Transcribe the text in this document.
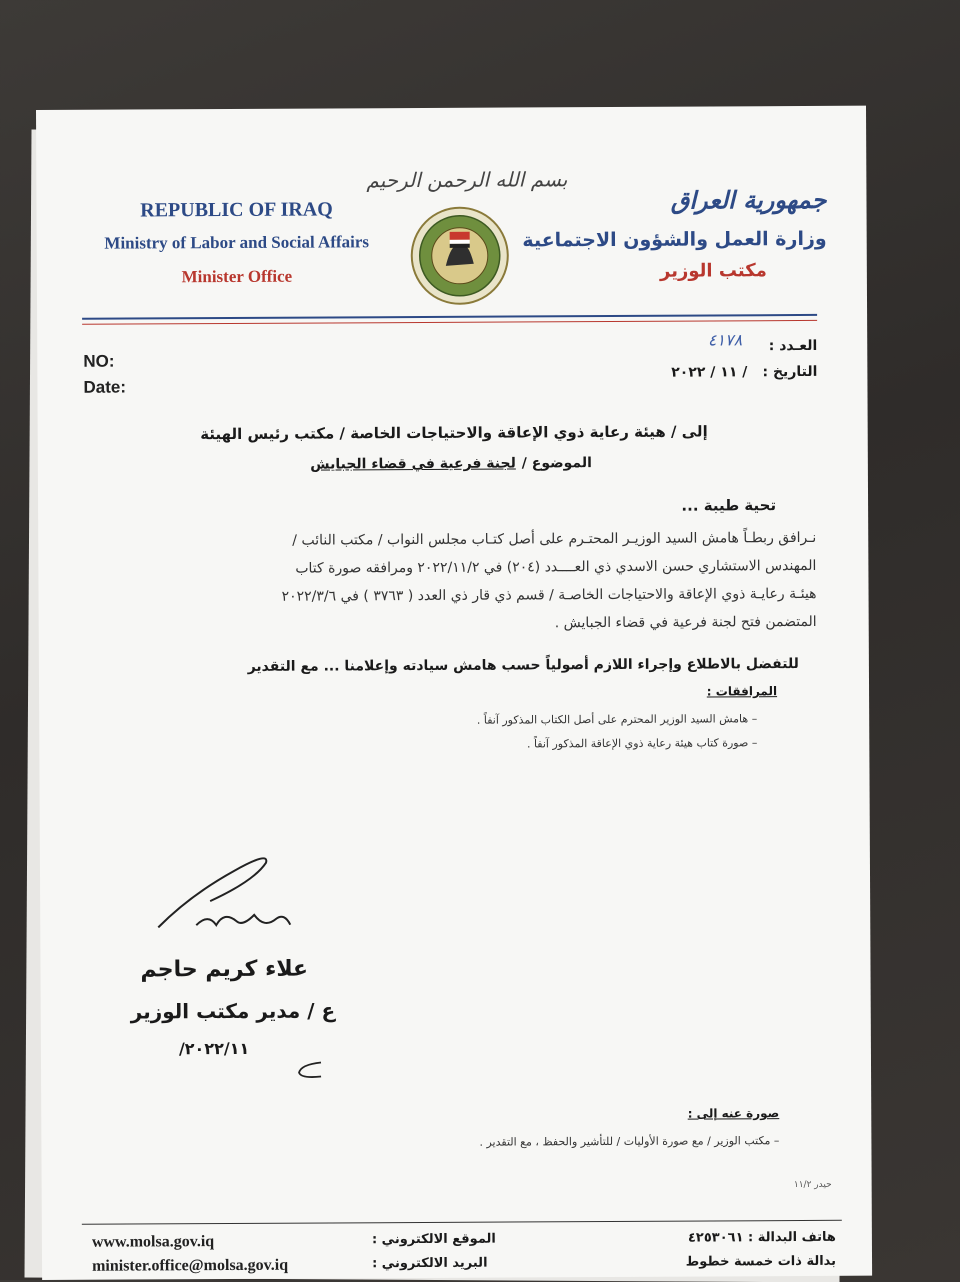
بسم الله الرحمن الرحيم
REPUBLIC OF IRAQ
Ministry of Labor and Social Affairs
Minister Office
جمهورية العراق
وزارة العمل والشؤون الاجتماعية
مكتب الوزير
NO:
Date:
العـدد :
٤١٧٨
التاريخ :
/ ١١ / ٢٠٢٢
إلى / هيئة رعاية ذوي الإعاقة والاحتياجات الخاصة / مكتب رئيس الهيئة
الموضوع /
لجنة فرعية في قضاء الجبايش
تحية طيبة ...
نـرافق ربطـاً هامش السيد الوزيـر المحتـرم على أصل كتـاب مجلس النواب / مكتب النائب /
المهندس الاستشاري حسن الاسدي ذي العــــدد (٢٠٤) في ٢٠٢٢/١١/٢ ومرافقه صورة كتاب
هيئـة رعايـة ذوي الإعاقة والاحتياجات الخاصـة / قسم ذي قار ذي العدد ( ٣٧٦٣ ) في ٢٠٢٢/٣/٦
المتضمن فتح لجنة فرعية في قضاء الجبايش .
للتفضل بالاطلاع وإجراء اللازم أصولياً حسب هامش سيادته وإعلامنا ... مع التقدير
المرافقات :
– هامش السيد الوزير المحترم على أصل الكتاب المذكور آنفاً .
– صورة كتاب هيئة رعاية ذوي الإعاقة المذكور آنفاً .
علاء كريم حاجم
ع / مدير مكتب الوزير
٢٠٢٢/١١/
صورة عنه إلى :
– مكتب الوزير / مع صورة الأوليات / للتأشير والحفظ ، مع التقدير .
حيدر ١١/٢
www.molsa.gov.iq	الموقع الالكتروني :
minister.office@molsa.gov.iq	البريد الالكتروني :
هاتف البدالة : ٤٢٥٣٠٦١
بدالة ذات خمسة خطوط
